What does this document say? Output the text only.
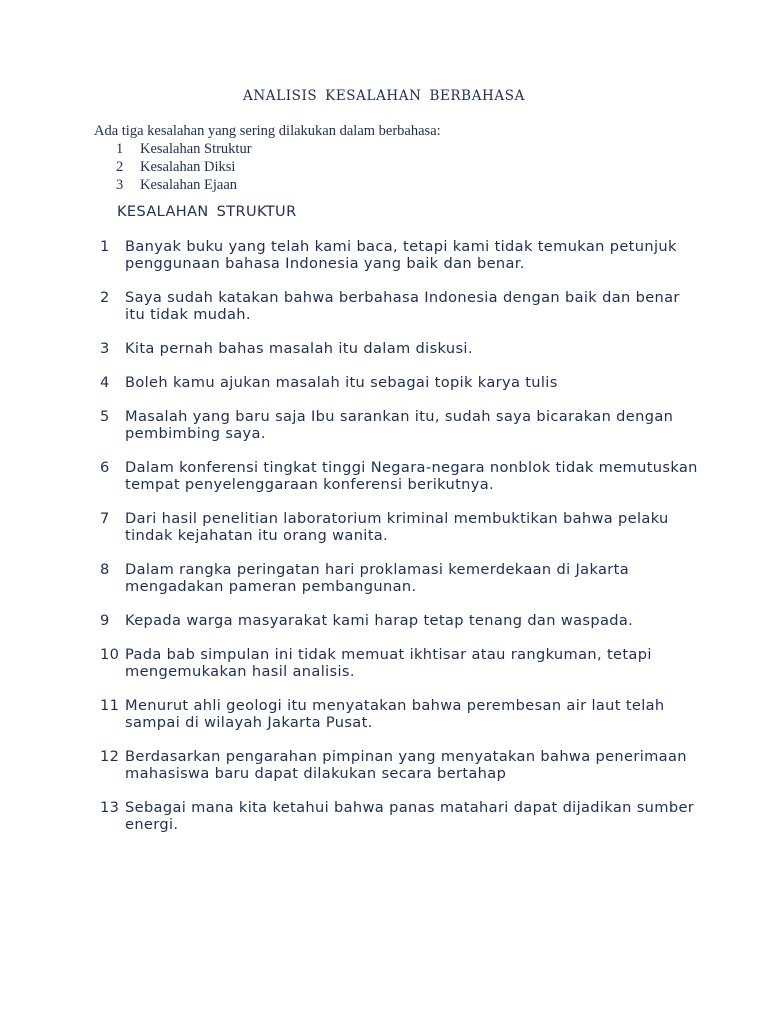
ANALISIS KESALAHAN BERBAHASA
Ada tiga kesalahan yang sering dilakukan dalam berbahasa:
1	Kesalahan Struktur
2	Kesalahan Diksi
3	Kesalahan Ejaan
KESALAHAN STRUKTUR
1	Banyak buku yang telah kami baca, tetapi kami tidak temukan petunjuk penggunaan bahasa Indonesia yang baik dan benar.
2	Saya sudah katakan bahwa berbahasa Indonesia dengan baik dan benar itu tidak mudah.
3	Kita pernah bahas masalah itu dalam diskusi.
4	Boleh kamu ajukan masalah itu sebagai topik karya tulis
5	Masalah yang baru saja Ibu sarankan itu, sudah saya bicarakan dengan pembimbing saya.
6	Dalam konferensi tingkat tinggi Negara-negara nonblok tidak memutuskan tempat penyelenggaraan konferensi berikutnya.
7	Dari hasil penelitian laboratorium kriminal membuktikan bahwa pelaku tindak kejahatan itu orang wanita.
8	Dalam rangka peringatan hari proklamasi kemerdekaan di Jakarta mengadakan pameran pembangunan.
9	Kepada warga masyarakat kami harap tetap tenang dan waspada.
10 Pada bab simpulan ini tidak memuat ikhtisar atau rangkuman, tetapi mengemukakan hasil analisis.
11 Menurut ahli geologi itu menyatakan bahwa perembesan air laut telah sampai di wilayah Jakarta Pusat.
12 Berdasarkan pengarahan pimpinan yang menyatakan bahwa penerimaan mahasiswa baru dapat dilakukan secara bertahap
13 Sebagai mana kita ketahui bahwa panas matahari dapat dijadikan sumber energi.
